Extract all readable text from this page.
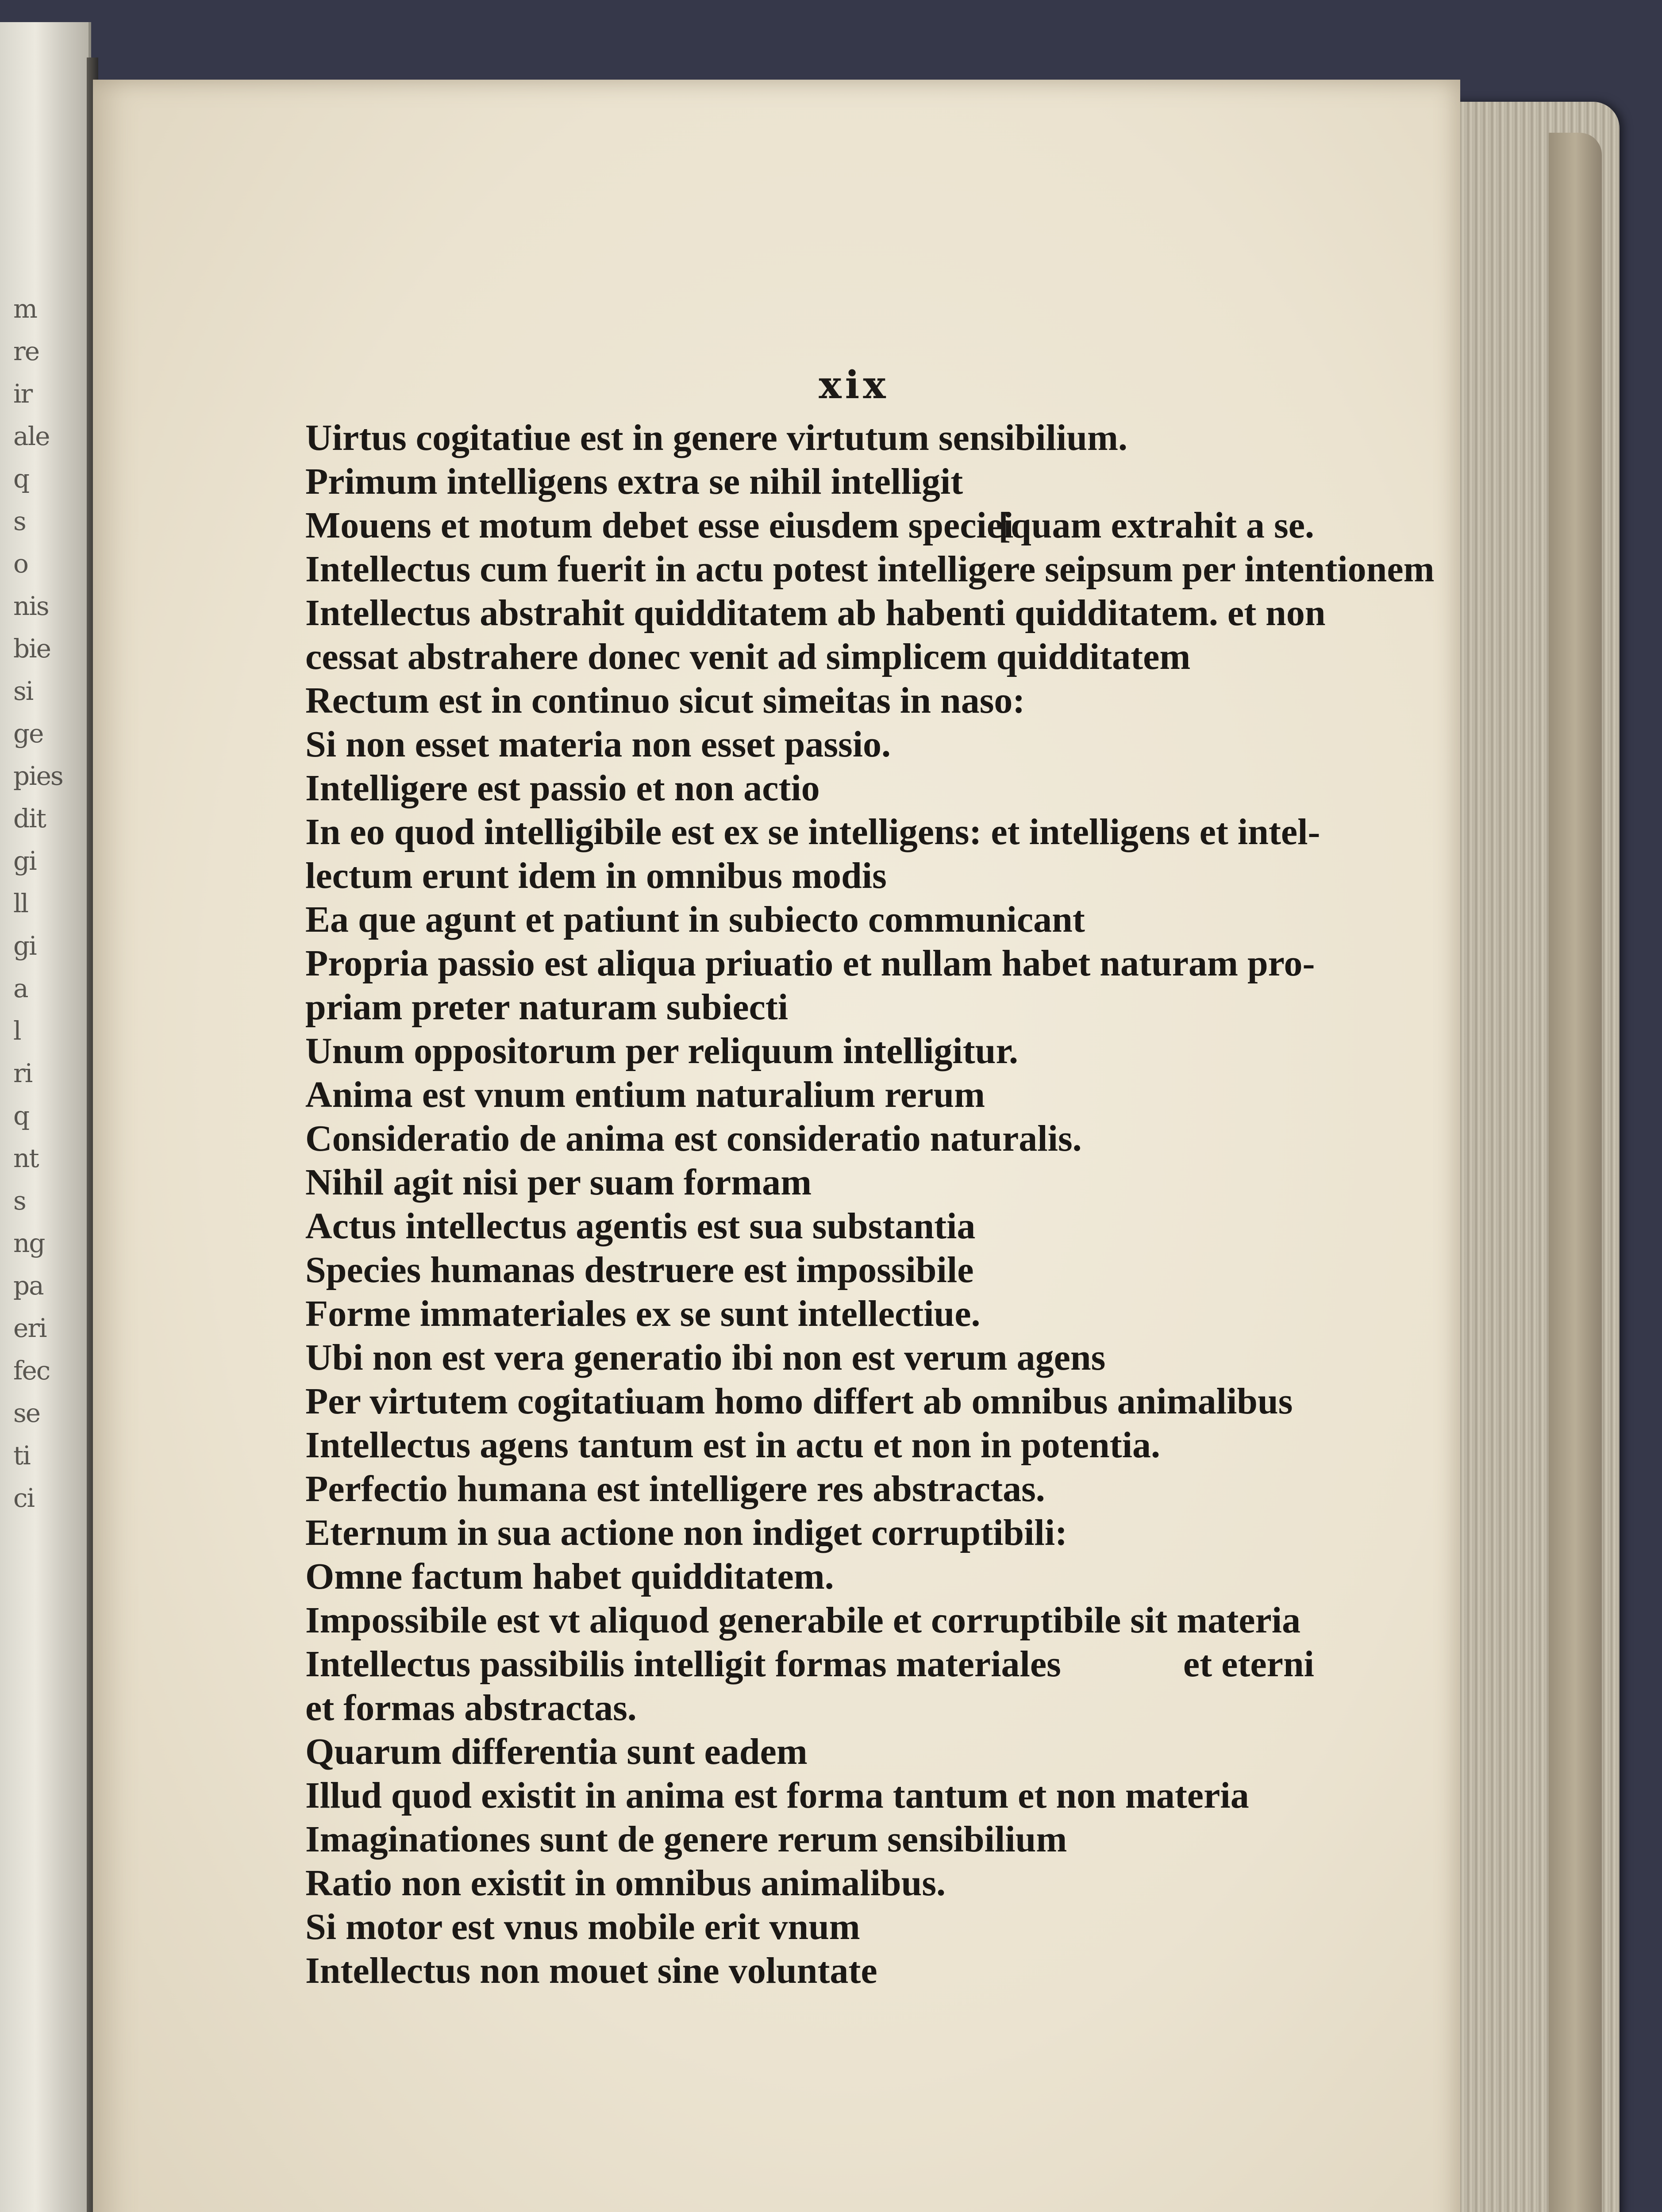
m
re
ir
ale
q
s
o
nis
bie
si
ge
pies
dit
gi
ll
gi
a
l
ri
q
nt
s
ng
pa
eri
fec
se
ti
ci
xix
Uirtus cogitatiue est in genere virtutum sensibilium.
Primum intelligens extra se nihil intelligit
Mouens et motum debet esse eiusdem speciei
[quam extrahit a se.
Intellectus cum fuerit in actu potest intelligere seipsum per intentionem
Intellectus abstrahit quidditatem ab habenti quidditatem. et non
cessat abstrahere donec venit ad simplicem quidditatem
Rectum est in continuo sicut simeitas in naso:
Si non esset materia non esset passio.
Intelligere est passio et non actio
In eo quod intelligibile est ex se intelligens: et intelligens et intel-
lectum erunt idem in omnibus modis
Ea que agunt et patiunt in subiecto communicant
Propria passio est aliqua priuatio et nullam habet naturam pro-
priam preter naturam subiecti
Unum oppositorum per reliquum intelligitur.
Anima est vnum entium naturalium rerum
Consideratio de anima est consideratio naturalis.
Nihil agit nisi per suam formam
Actus intellectus agentis est sua substantia
Species humanas destruere est impossibile
Forme immateriales ex se sunt intellectiue.
Ubi non est vera generatio ibi non est verum agens
Per virtutem cogitatiuam homo differt ab omnibus animalibus
Intellectus agens tantum est in actu et non in potentia.
Perfectio humana est intelligere res abstractas.
Eternum in sua actione non indiget corruptibili:
Omne factum habet quidditatem.
Impossibile est vt aliquod generabile et corruptibile sit materia
Intellectus passibilis intelligit formas materiales	et eterni
et formas abstractas.
Quarum differentia sunt eadem
Illud quod existit in anima est forma tantum et non materia
Imaginationes sunt de genere rerum sensibilium
Ratio non existit in omnibus animalibus.
Si motor est vnus mobile erit vnum
Intellectus non mouet sine voluntate
